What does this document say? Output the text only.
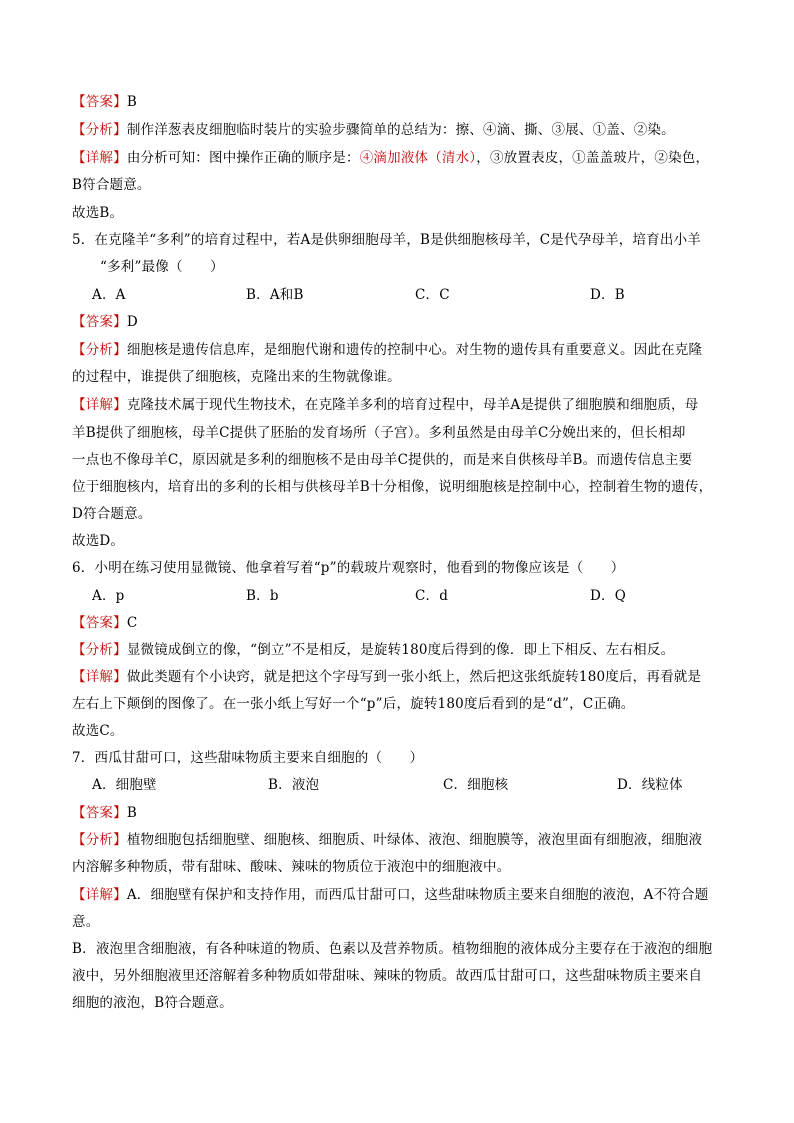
【答案】B
【分析】制作洋葱表皮细胞临时装片的实验步骤简单的总结为：擦、④滴、撕、③展、①盖、②染。
【详解】由分析可知：图中操作正确的顺序是：④滴加液体（清水），③放置表皮，①盖盖玻片，②染色，
B符合题意。
故选B。
5．在克隆羊“多利”的培育过程中，若A是供卵细胞母羊，B是供细胞核母羊，C是代孕母羊，培育出小羊
“多利”最像（　　）
A．A	B．A和B	C．C	D．B
【答案】D
【分析】细胞核是遗传信息库，是细胞代谢和遗传的控制中心。对生物的遗传具有重要意义。因此在克隆
的过程中，谁提供了细胞核，克隆出来的生物就像谁。
【详解】克隆技术属于现代生物技术，在克隆羊多利的培育过程中，母羊A是提供了细胞膜和细胞质，母
羊B提供了细胞核，母羊C提供了胚胎的发育场所（子宫）。多利虽然是由母羊C分娩出来的，但长相却
一点也不像母羊C，原因就是多利的细胞核不是由母羊C提供的，而是来自供核母羊B。而遗传信息主要
位于细胞核内，培育出的多利的长相与供核母羊B十分相像，说明细胞核是控制中心，控制着生物的遗传，
D符合题意。
故选D。
6．小明在练习使用显微镜、他拿着写着“p”的载玻片观察时，他看到的物像应该是（　　）
A．p	B．b	C．d	D．Q
【答案】C
【分析】显微镜成倒立的像，“倒立”不是相反，是旋转180度后得到的像．即上下相反、左右相反。
【详解】做此类题有个小诀窍，就是把这个字母写到一张小纸上，然后把这张纸旋转180度后，再看就是
左右上下颠倒的图像了。在一张小纸上写好一个“p”后，旋转180度后看到的是“d”，C正确。
故选C。
7．西瓜甘甜可口，这些甜味物质主要来自细胞的（　　）
A．细胞壁	B．液泡	C．细胞核	D．线粒体
【答案】B
【分析】植物细胞包括细胞壁、细胞核、细胞质、叶绿体、液泡、细胞膜等，液泡里面有细胞液，细胞液
内溶解多种物质，带有甜味、酸味、辣味的物质位于液泡中的细胞液中。
【详解】A．细胞壁有保护和支持作用，而西瓜甘甜可口，这些甜味物质主要来自细胞的液泡，A不符合题
意。
B．液泡里含细胞液，有各种味道的物质、色素以及营养物质。植物细胞的液体成分主要存在于液泡的细胞
液中，另外细胞液里还溶解着多种物质如带甜味、辣味的物质。故西瓜甘甜可口，这些甜味物质主要来自
细胞的液泡，B符合题意。
